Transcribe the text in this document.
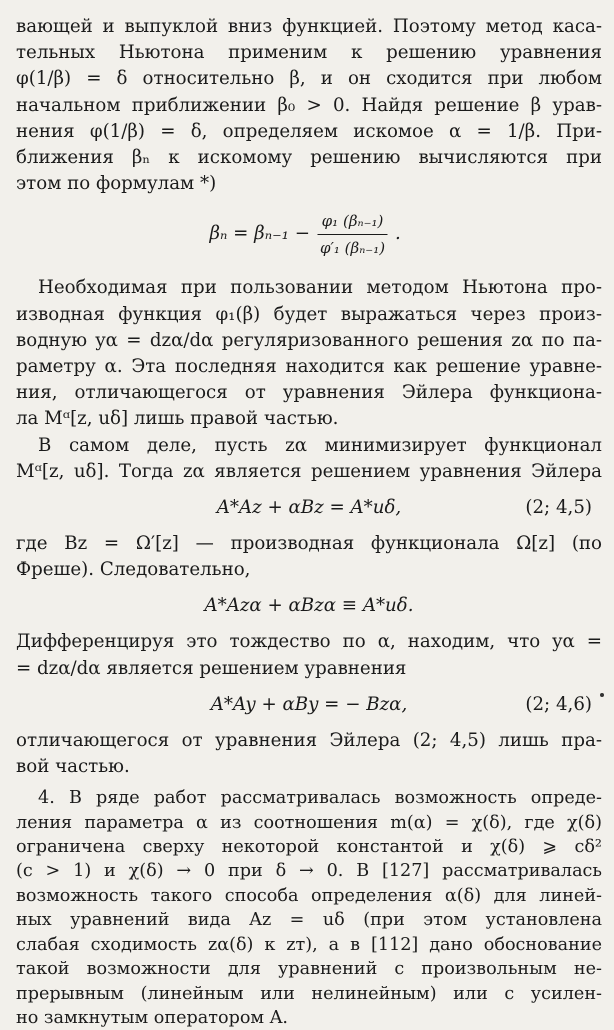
вающей и выпуклой вниз функцией. Поэтому метод каса-
тельных Ньютона применим к решению уравнения
φ(1/β) = δ относительно β, и он сходится при любом
начальном приближении β₀ > 0. Найдя решение β урав-
нения φ(1/β) = δ, определяем искомое α = 1/β. При-
ближения βₙ к искомому решению вычисляются при
этом по формулам *)
$\beta_n = \beta_{n-1} - \frac{\text{φ₁ (βₙ₋₁)}}{\text{φ′₁ (βₙ₋₁)}}$ .
Необходимая при пользовании методом Ньютона про-
изводная функция φ₁(β) будет выражаться через произ-
водную yα = dzα/dα регуляризованного решения zα по па-
раметру α. Эта последняя находится как решение уравне-
ния, отличающегося от уравнения Эйлера функциона-
ла Mᵅ[z, uδ] лишь правой частью.
В самом деле, пусть zα минимизирует функционал
Mᵅ[z, uδ]. Тогда zα является решением уравнения Эйлера
A*Az + αBz = A*uδ,	(2; 4,5)
где Bz = Ω′[z] — производная функционала Ω[z] (по
Фреше). Следовательно,
A*Azα + αBzα ≡ A*uδ.
Дифференцируя это тождество по α, находим, что yα =
= dzα/dα является решением уравнения
A*Ay + αBy = − Bzα,	(2; 4,6)
отличающегося от уравнения Эйлера (2; 4,5) лишь пра-
вой частью.
4. В ряде работ рассматривалась возможность опреде-
ления параметра α из соотношения m(α) = χ(δ), где χ(δ)
ограничена сверху некоторой константой и χ(δ) ⩾ cδ²
(c > 1) и χ(δ) → 0 при δ → 0. В [127] рассматривалась
возможность такого способа определения α(δ) для линей-
ных уравнений вида Az = uδ (при этом установлена
слабая сходимость zα(δ) к zт), а в [112] дано обоснование
такой возможности для уравнений с произвольным не-
прерывным (линейным или нелинейным) или с усилен-
но замкнутым оператором A.
